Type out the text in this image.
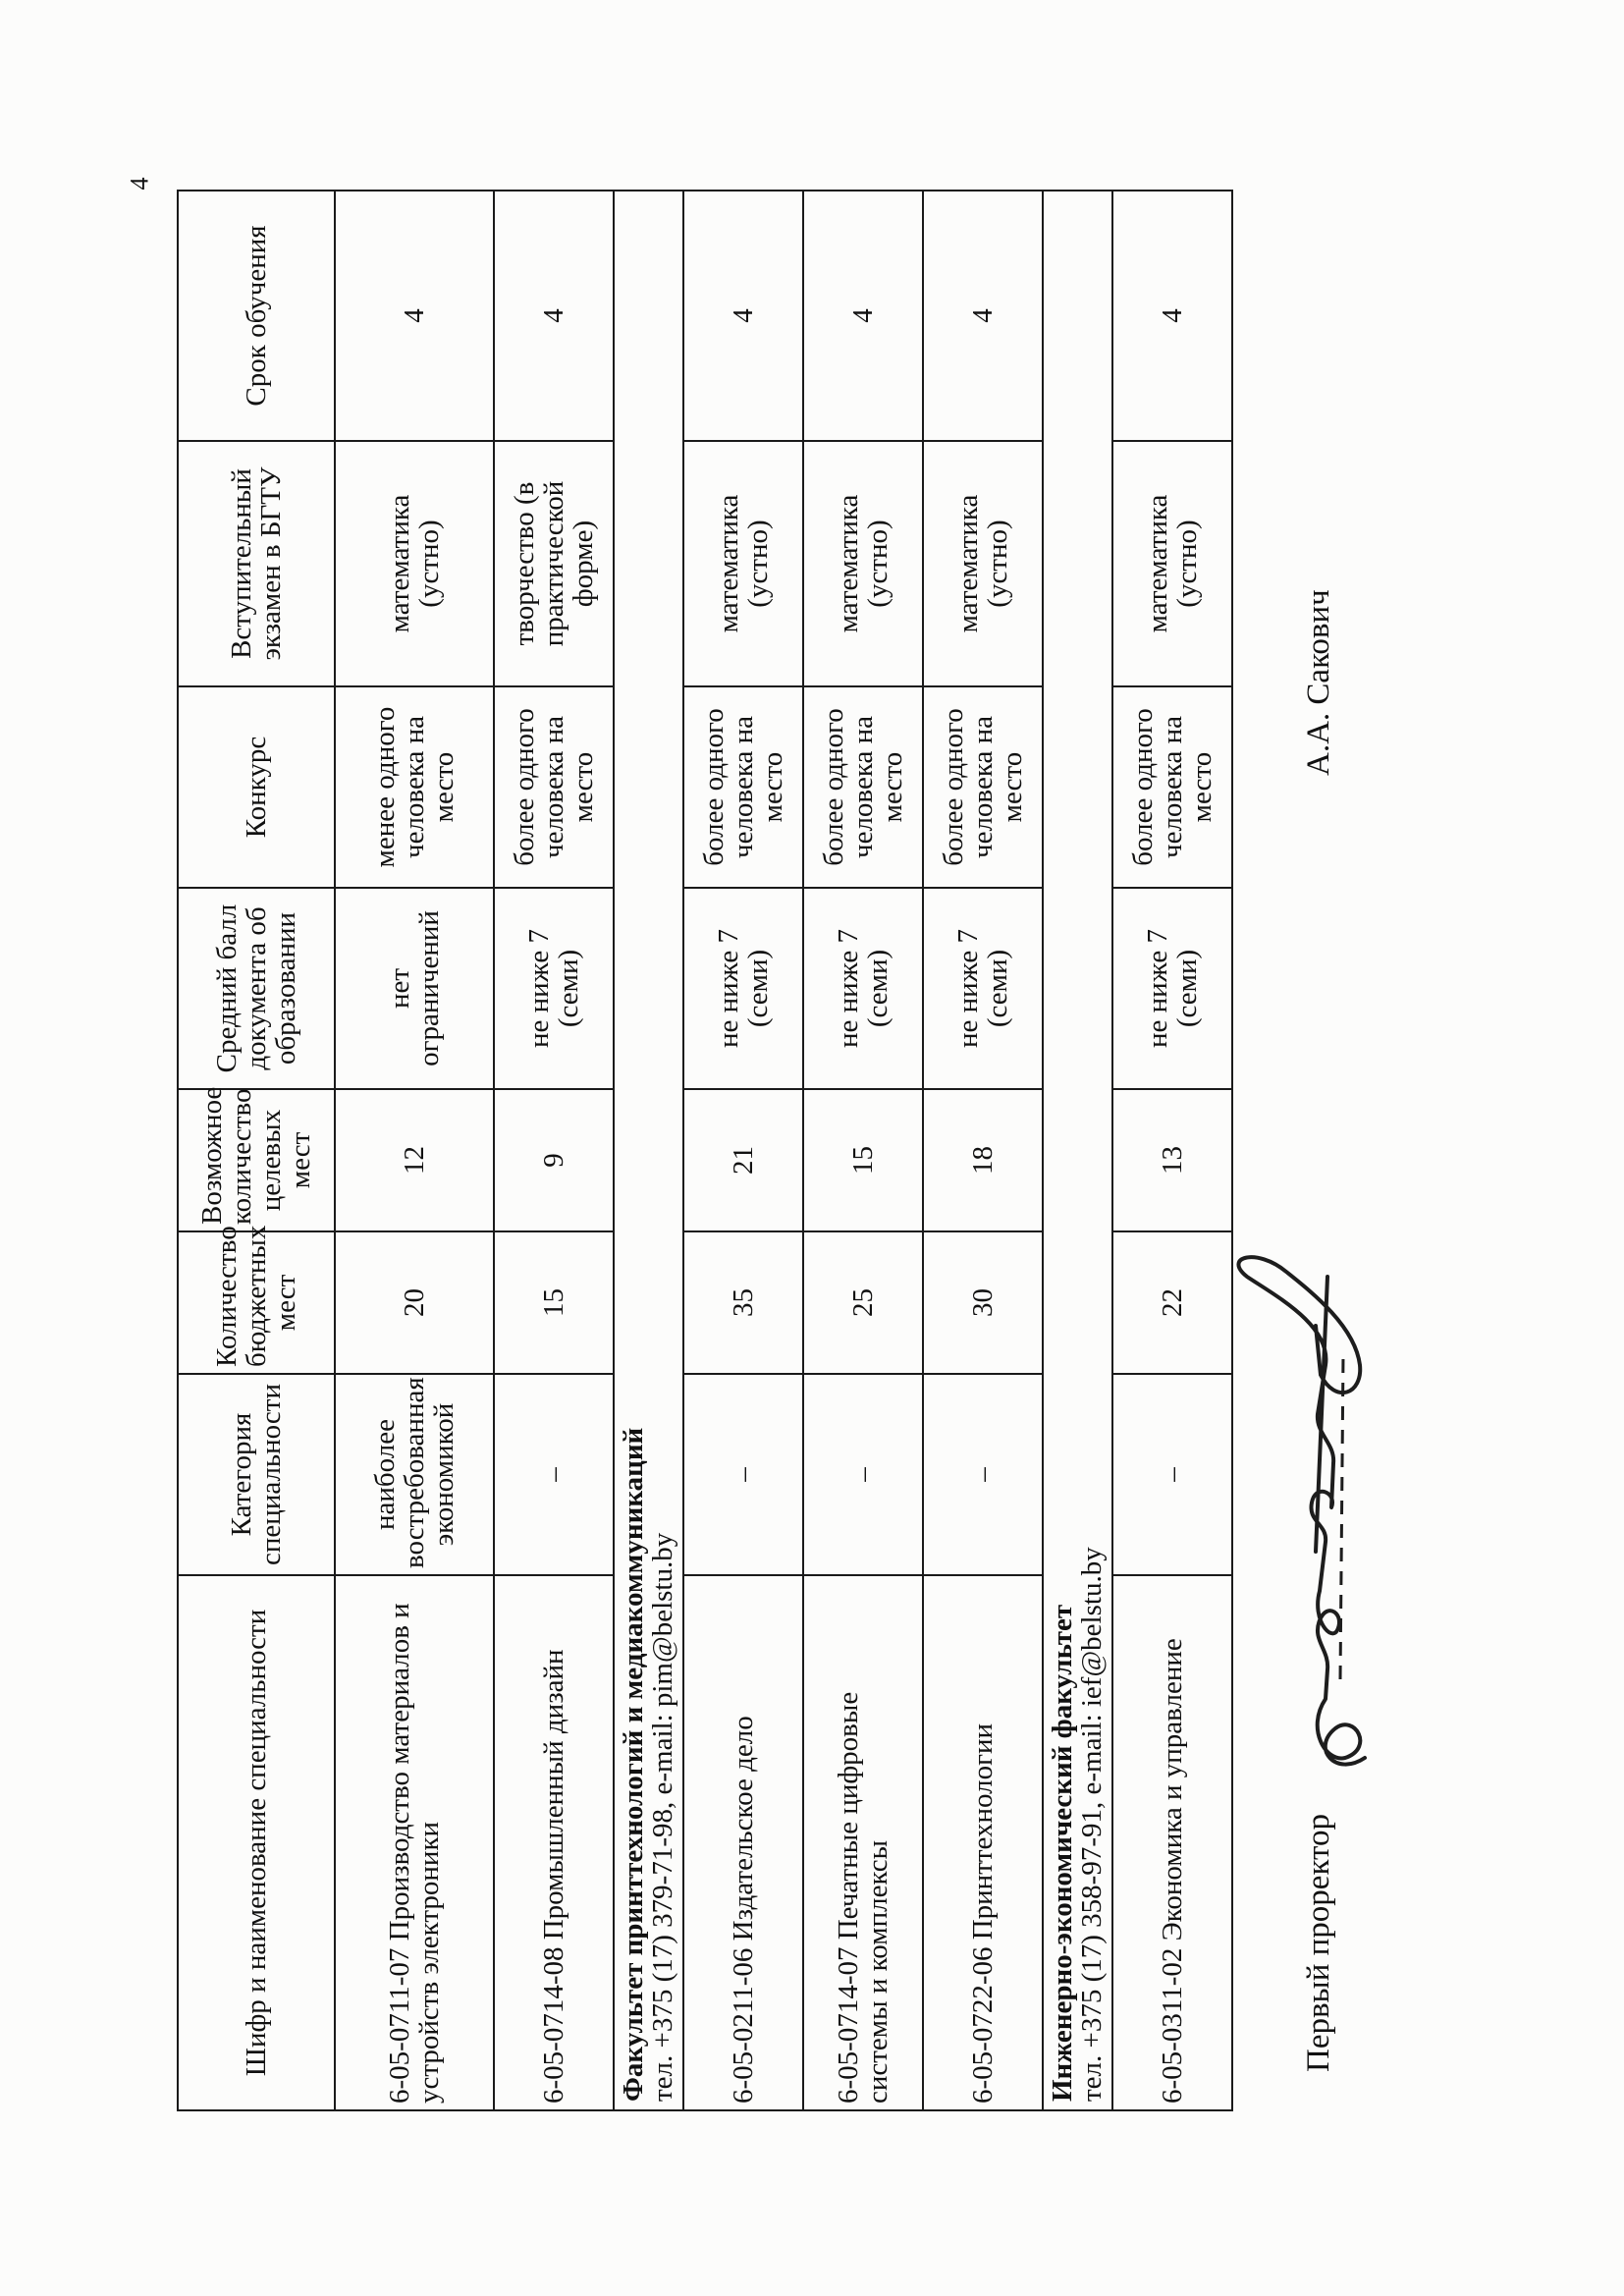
4
Шифр и наименование специальности	Категория специальности	Количество бюджетных мест	Возможное количество целевых мест	Средний балл документа об образовании	Конкурс	Вступительный экзамен в БГТУ	Срок обучения
6-05-0711-07 Производство материалов и устройств электроники	наиболее востребованная экономикой	20	12	нет ограничений	менее одного человека на место	математика (устно)	4
6-05-0714-08 Промышленный дизайн	–	15	9	не ниже 7 (семи)	более одного человека на место	творчество (в практической форме)	4

Факультет принттехнологий и медиакоммуникаций
тел. +375 (17) 379-71-98, e-mail: pim@belstu.by							

6-05-0211-06 Издательское дело	–	35	21	не ниже 7 (семи)	более одного человека на место	математика (устно)	4
6-05-0714-07 Печатные цифровые системы и комплексы	–	25	15	не ниже 7 (семи)	более одного человека на место	математика (устно)	4
6-05-0722-06 Принттехнологии	–	30	18	не ниже 7 (семи)	более одного человека на место	математика (устно)	4

Инженерно-экономический факультет
тел. +375 (17) 358-97-91, e-mail: ief@belstu.by							

6-05-0311-02 Экономика и управление	–	22	13	не ниже 7 (семи)	более одного человека на место	математика (устно)	4
Первый проректор
А.А. Сакович
